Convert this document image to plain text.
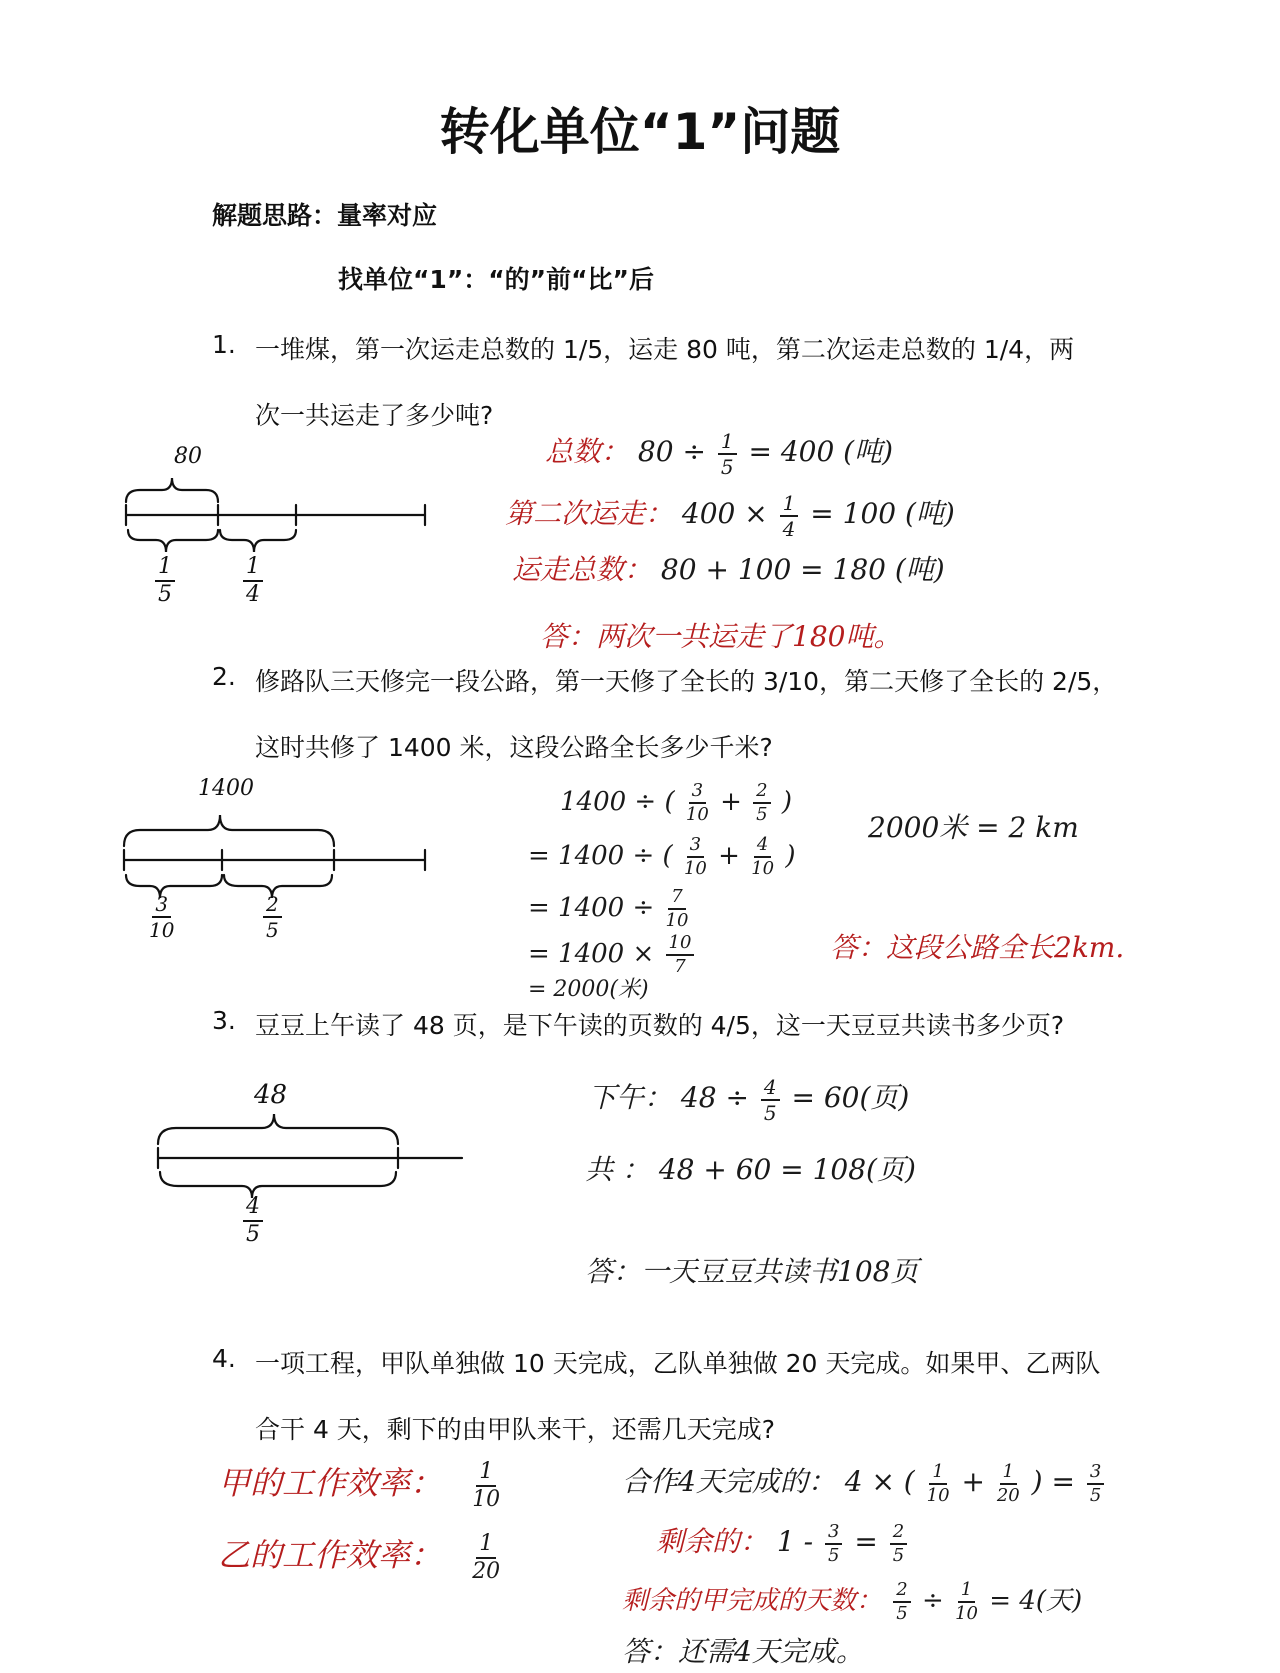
转化单位“1”问题
解题思路：量率对应
找单位“1”：“的”前“比”后
1. 一堆煤，第一次运走总数的 1/5，运走 80 吨，第二次运走总数的 1/4，两
次一共运走了多少吨?
80
$\frac{1}{5}$	$\frac{1}{4}$
总数： $80 \div \frac{1}{5} = 400$ (吨)
第二次运走： $400 \times \frac{1}{4} = 100$ (吨)
运走总数： 80 + 100 = 180 (吨)
答：两次一共运走了180吨。
2. 修路队三天修完一段公路，第一天修了全长的 3/10，第二天修了全长的 2/5，
这时共修了 1400 米，这段公路全长多少千米?
1400
$\frac{3}{10}$	$\frac{2}{5}$
1400 ÷ ( $\frac{3}{10} + \frac{2}{5}$ )
= 1400 ÷ ( $\frac{3}{10} + \frac{4}{10}$ )
= $1400 \div \frac{7}{10}$
= $1400 \times \frac{10}{7}$
= 2000(米)
2000米 = 2 km
答：这段公路全长2km.
3. 豆豆上午读了 48 页，是下午读的页数的 4/5，这一天豆豆共读书多少页?
48
$\frac{4}{5}$
下午： $48 \div \frac{4}{5} = 60$(页)
共 ： 48 + 60 = 108(页)
答：一天豆豆共读书108页
4. 一项工程，甲队单独做 10 天完成，乙队单独做 20 天完成。如果甲、乙两队
合干 4 天，剩下的由甲队来干，还需几天完成?
甲的工作效率： $\frac{1}{10}$
乙的工作效率： $\frac{1}{20}$
合作4天完成的： 4 × ( $\frac{1}{10} + \frac{1}{20}$ ) = $\frac{3}{5}$
剩余的： $1 - \frac{3}{5} = \frac{2}{5}$
剩余的甲完成的天数： $\frac{2}{5} \div \frac{1}{10} = 4$(天)
答：还需4天完成。
